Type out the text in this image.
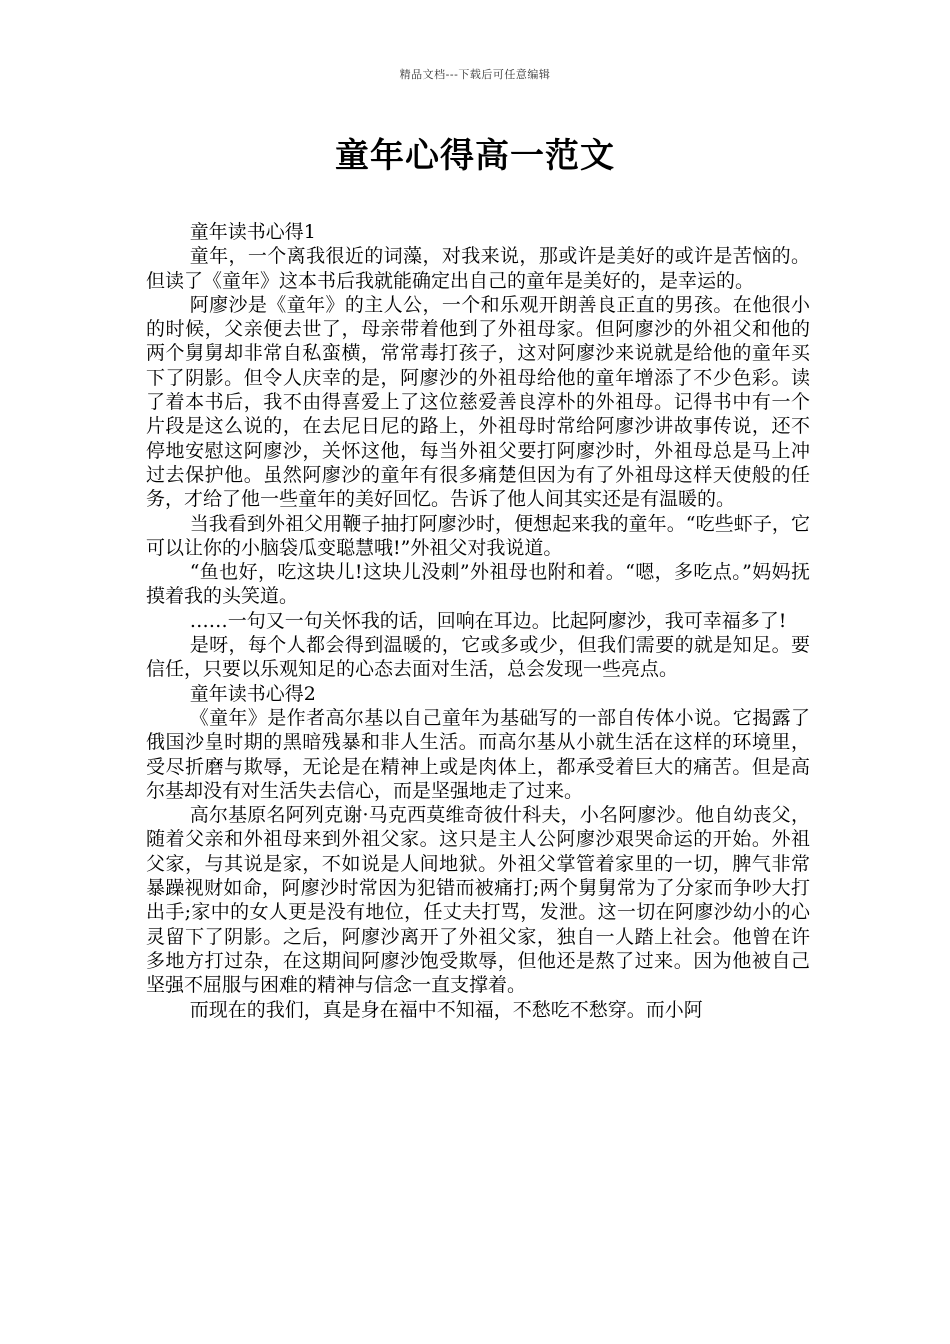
精品文档---下载后可任意编辑
童年心得高一范文

童年读书心得1

童年，一个离我很近的词藻，对我来说，那或许是美好的或许是苦恼的。但读了《童年》这本书后我就能确定出自己的童年是美好的，是幸运的。

阿廖沙是《童年》的主人公，一个和乐观开朗善良正直的男孩。在他很小的时候，父亲便去世了，母亲带着他到了外祖母家。但阿廖沙的外祖父和他的两个舅舅却非常自私蛮横，常常毒打孩子，这对阿廖沙来说就是给他的童年买下了阴影。但令人庆幸的是，阿廖沙的外祖母给他的童年增添了不少色彩。读了着本书后，我不由得喜爱上了这位慈爱善良淳朴的外祖母。记得书中有一个片段是这么说的，在去尼日尼的路上，外祖母时常给阿廖沙讲故事传说，还不停地安慰这阿廖沙，关怀这他，每当外祖父要打阿廖沙时，外祖母总是马上冲过去保护他。虽然阿廖沙的童年有很多痛楚但因为有了外祖母这样天使般的任务，才给了他一些童年的美好回忆。告诉了他人间其实还是有温暖的。

当我看到外祖父用鞭子抽打阿廖沙时，便想起来我的童年。“吃些虾子，它可以让你的小脑袋瓜变聪慧哦!”外祖父对我说道。

“鱼也好，吃这块儿!这块儿没刺”外祖母也附和着。“嗯，多吃点。”妈妈抚摸着我的头笑道。

……一句又一句关怀我的话，回响在耳边。比起阿廖沙，我可幸福多了!

是呀，每个人都会得到温暖的，它或多或少，但我们需要的就是知足。要信任，只要以乐观知足的心态去面对生活，总会发现一些亮点。

童年读书心得2

《童年》是作者高尔基以自己童年为基础写的一部自传体小说。它揭露了俄国沙皇时期的黑暗残暴和非人生活。而高尔基从小就生活在这样的环境里，受尽折磨与欺辱，无论是在精神上或是肉体上，都承受着巨大的痛苦。但是高尔基却没有对生活失去信心，而是坚强地走了过来。

高尔基原名阿列克谢·马克西莫维奇彼什科夫，小名阿廖沙。他自幼丧父，随着父亲和外祖母来到外祖父家。这只是主人公阿廖沙艰哭命运的开始。外祖父家，与其说是家，不如说是人间地狱。外祖父掌管着家里的一切，脾气非常暴躁视财如命，阿廖沙时常因为犯错而被痛打;两个舅舅常为了分家而争吵大打出手;家中的女人更是没有地位，任丈夫打骂，发泄。这一切在阿廖沙幼小的心灵留下了阴影。之后，阿廖沙离开了外祖父家，独自一人踏上社会。他曾在许多地方打过杂，在这期间阿廖沙饱受欺辱，但他还是熬了过来。因为他被自己坚强不屈服与困难的精神与信念一直支撑着。

而现在的我们，真是身在福中不知福，不愁吃不愁穿。而小阿
